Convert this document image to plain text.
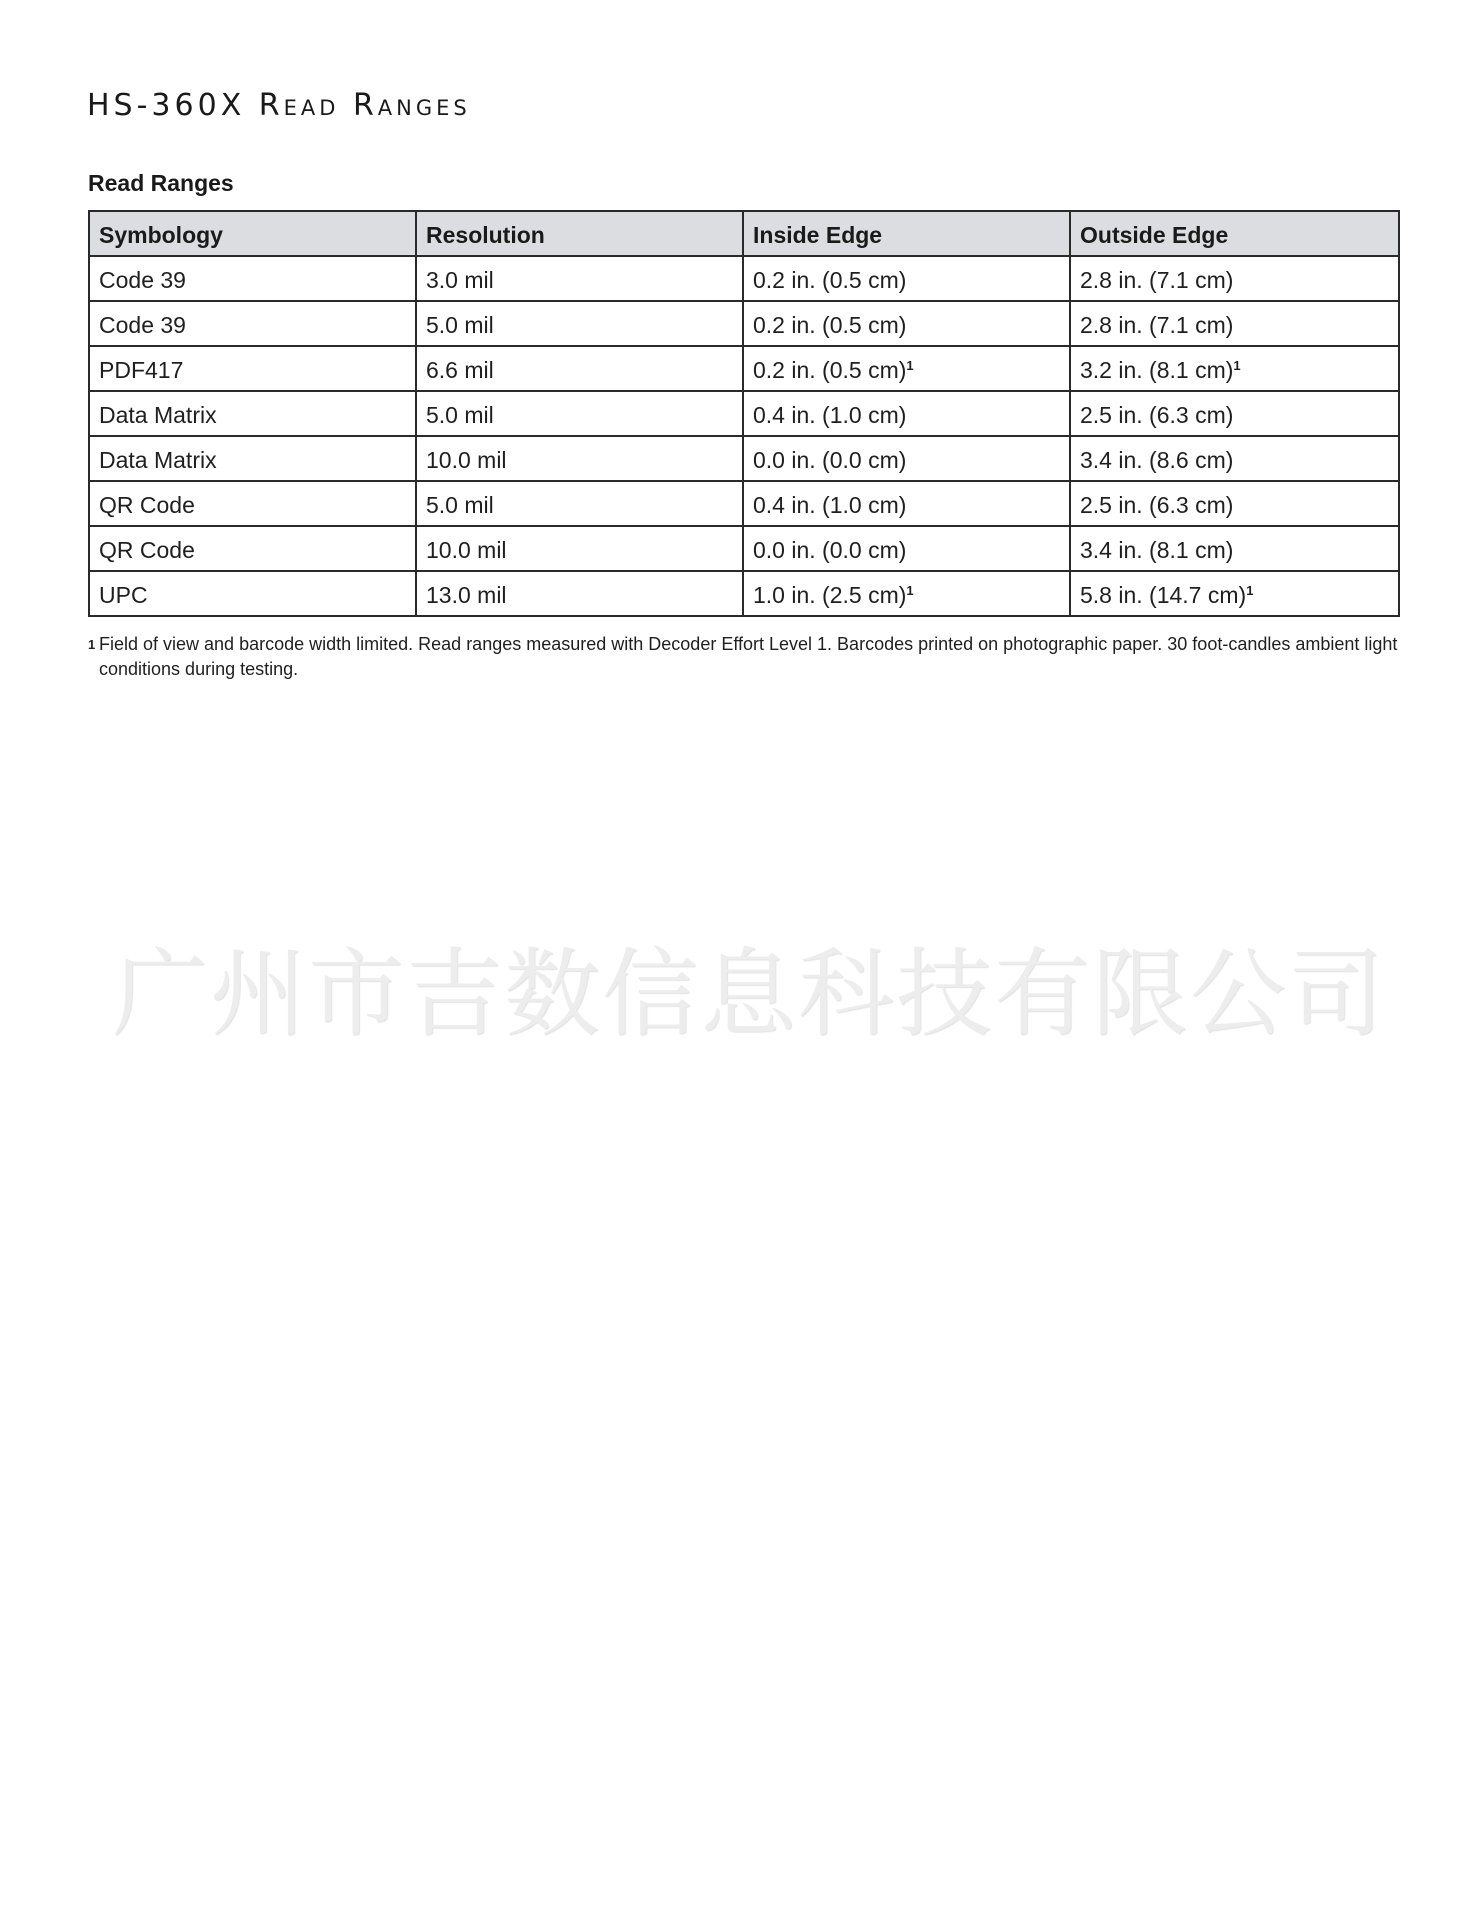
HS-360X Read Ranges
Read Ranges
Symbology	Resolution	Inside Edge	Outside Edge
Code 39	3.0 mil	0.2 in. (0.5 cm)	2.8 in. (7.1 cm)
Code 39	5.0 mil	0.2 in. (0.5 cm)	2.8 in. (7.1 cm)
PDF417	6.6 mil	0.2 in. (0.5 cm)$^1$	3.2 in. (8.1 cm)$^1$
Data Matrix	5.0 mil	0.4 in. (1.0 cm)	2.5 in. (6.3 cm)
Data Matrix	10.0 mil	0.0 in. (0.0 cm)	3.4 in. (8.6 cm)
QR Code	5.0 mil	0.4 in. (1.0 cm)	2.5 in. (6.3 cm)
QR Code	10.0 mil	0.0 in. (0.0 cm)	3.4 in. (8.1 cm)
UPC	13.0 mil	1.0 in. (2.5 cm)$^1$	5.8 in. (14.7 cm)$^1$
1 Field of view and barcode width limited. Read ranges measured with Decoder Effort Level 1. Barcodes printed on photographic paper. 30 foot-candles ambient light conditions during testing.
广州市吉数信息科技有限公司
